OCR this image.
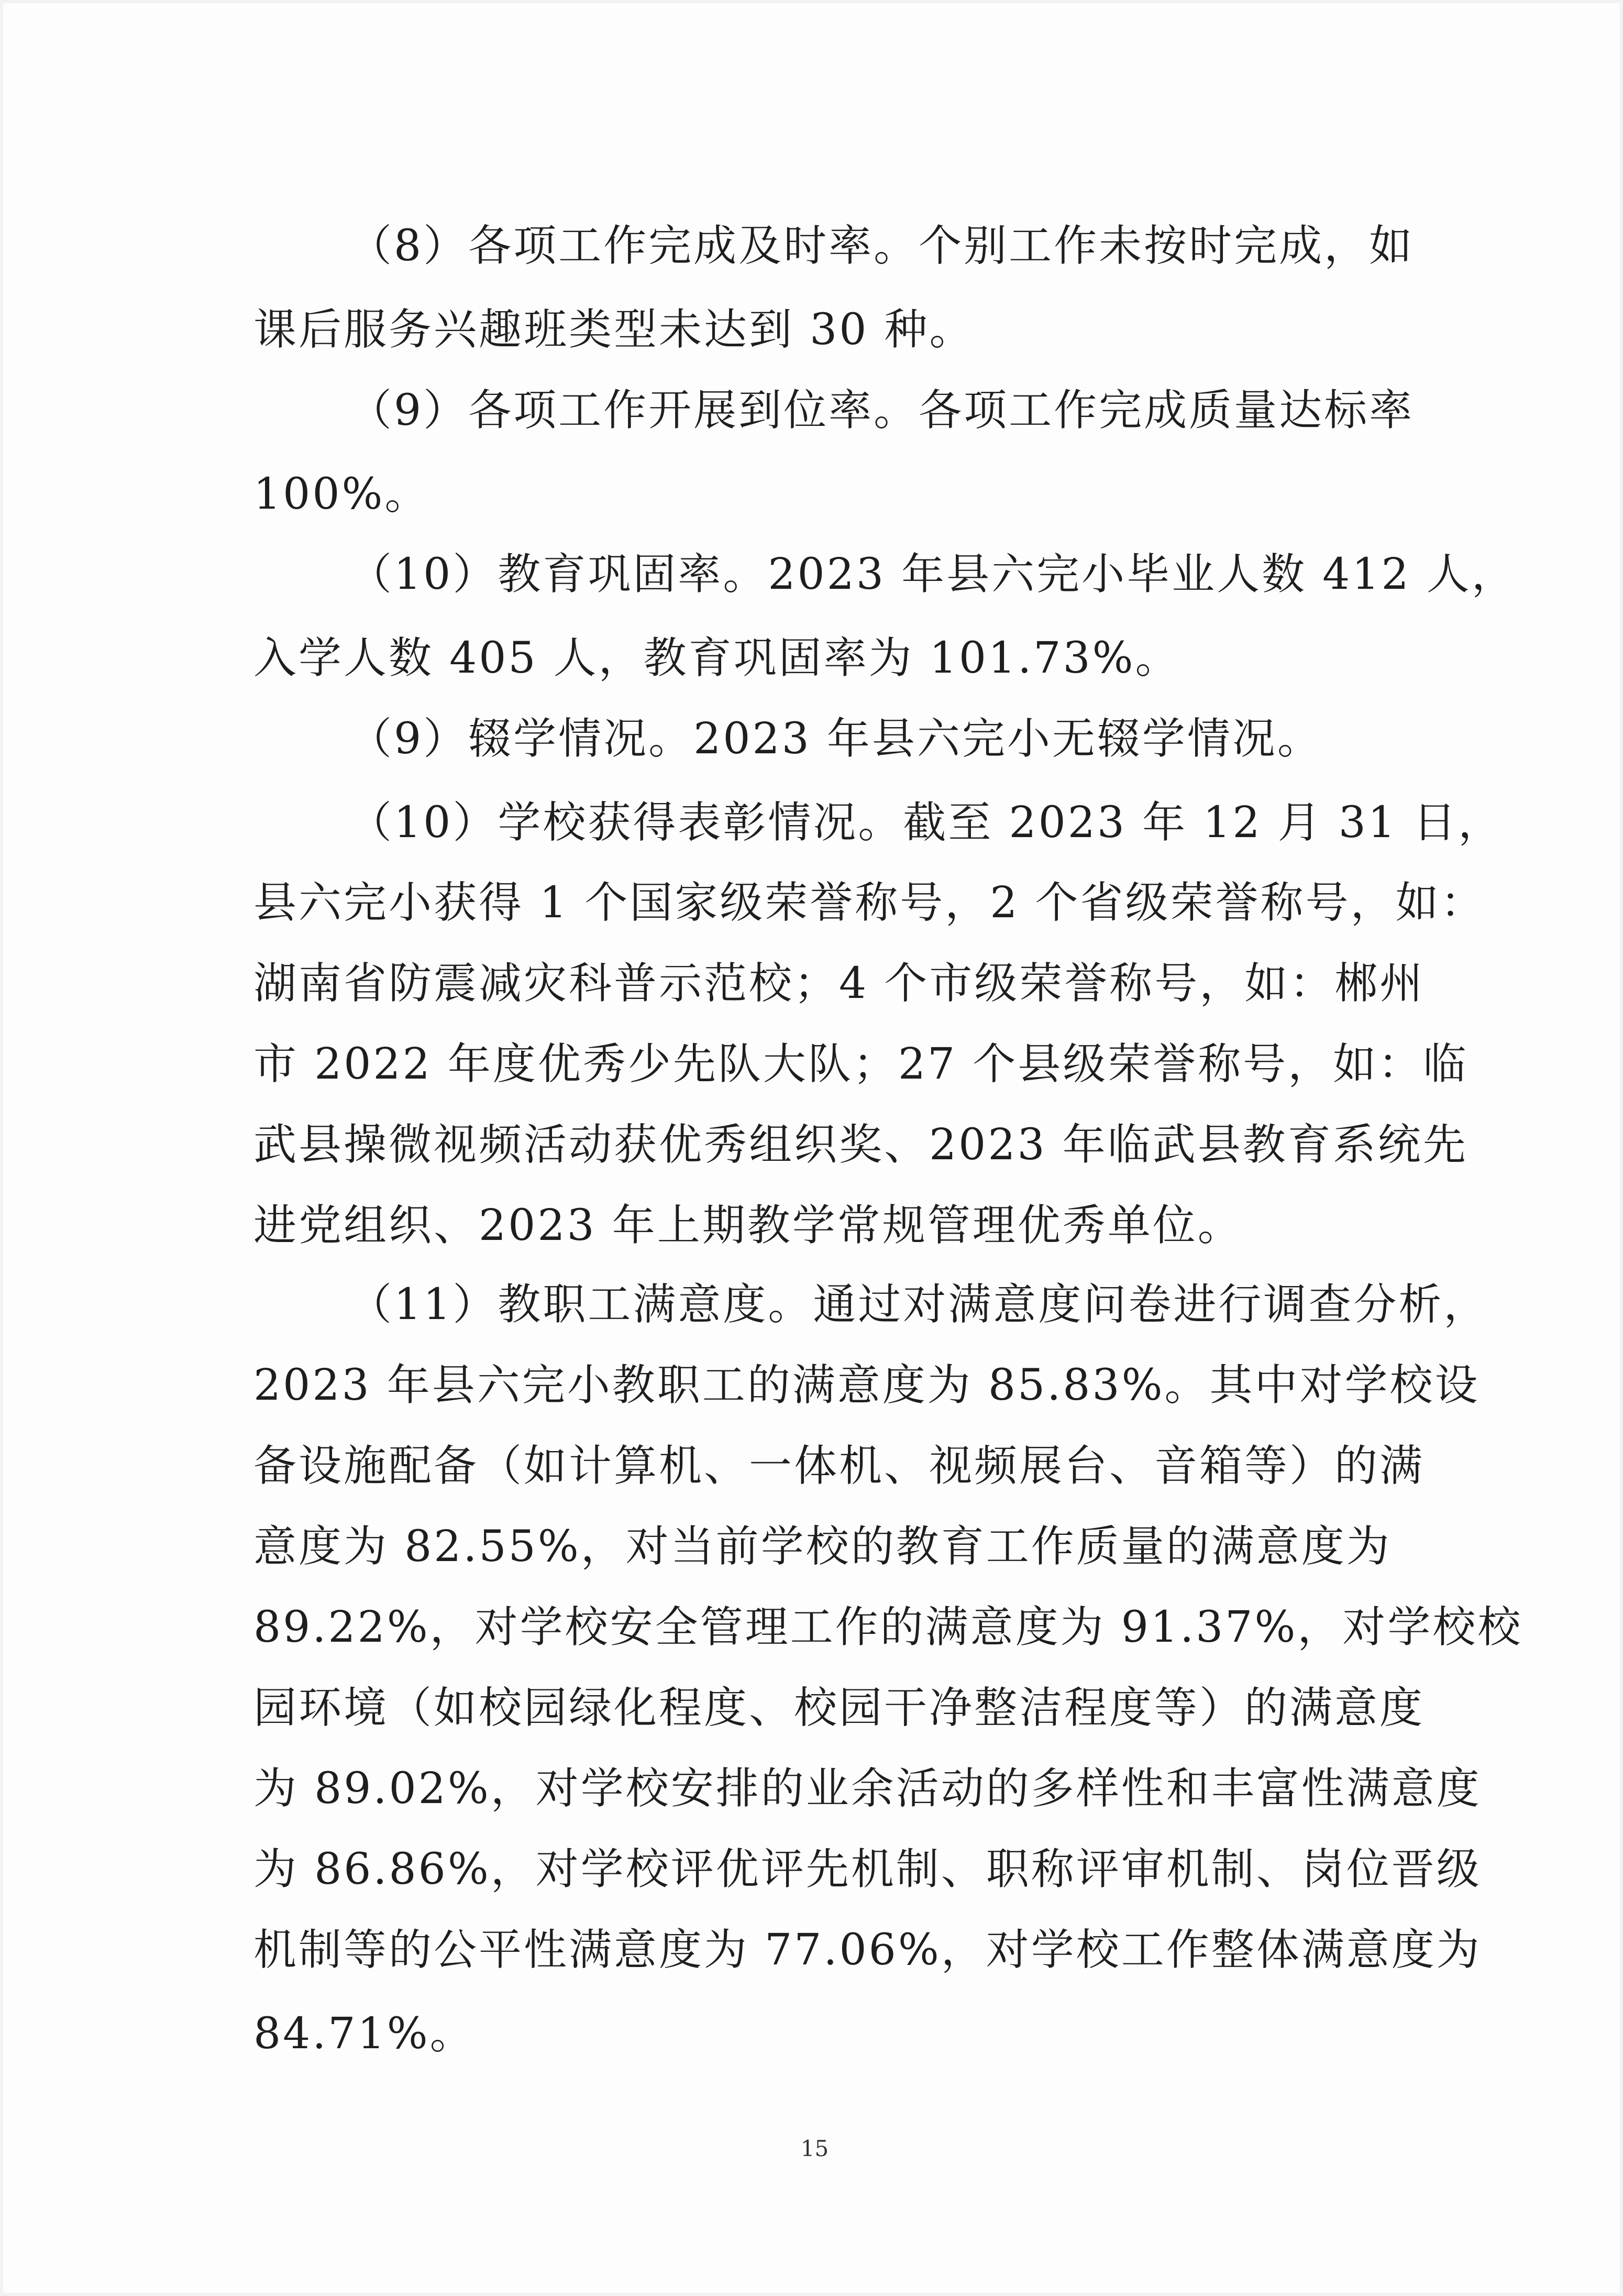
（8）各项工作完成及时率。个别工作未按时完成，如
课后服务兴趣班类型未达到 30 种。
（9）各项工作开展到位率。各项工作完成质量达标率
100%。
（10）教育巩固率。2023 年县六完小毕业人数 412 人，
入学人数 405 人，教育巩固率为 101.73%。
（9）辍学情况。2023 年县六完小无辍学情况。
（10）学校获得表彰情况。截至 2023 年 12 月 31 日，
县六完小获得 1 个国家级荣誉称号，2 个省级荣誉称号，如：
湖南省防震减灾科普示范校；4 个市级荣誉称号，如：郴州
市 2022 年度优秀少先队大队；27 个县级荣誉称号，如：临
武县操微视频活动获优秀组织奖、2023 年临武县教育系统先
进党组织、2023 年上期教学常规管理优秀单位。
（11）教职工满意度。通过对满意度问卷进行调查分析，
2023 年县六完小教职工的满意度为 85.83%。其中对学校设
备设施配备（如计算机、一体机、视频展台、音箱等）的满
意度为 82.55%，对当前学校的教育工作质量的满意度为
89.22%，对学校安全管理工作的满意度为 91.37%，对学校校
园环境（如校园绿化程度、校园干净整洁程度等）的满意度
为 89.02%，对学校安排的业余活动的多样性和丰富性满意度
为 86.86%，对学校评优评先机制、职称评审机制、岗位晋级
机制等的公平性满意度为 77.06%，对学校工作整体满意度为
84.71%。
15
